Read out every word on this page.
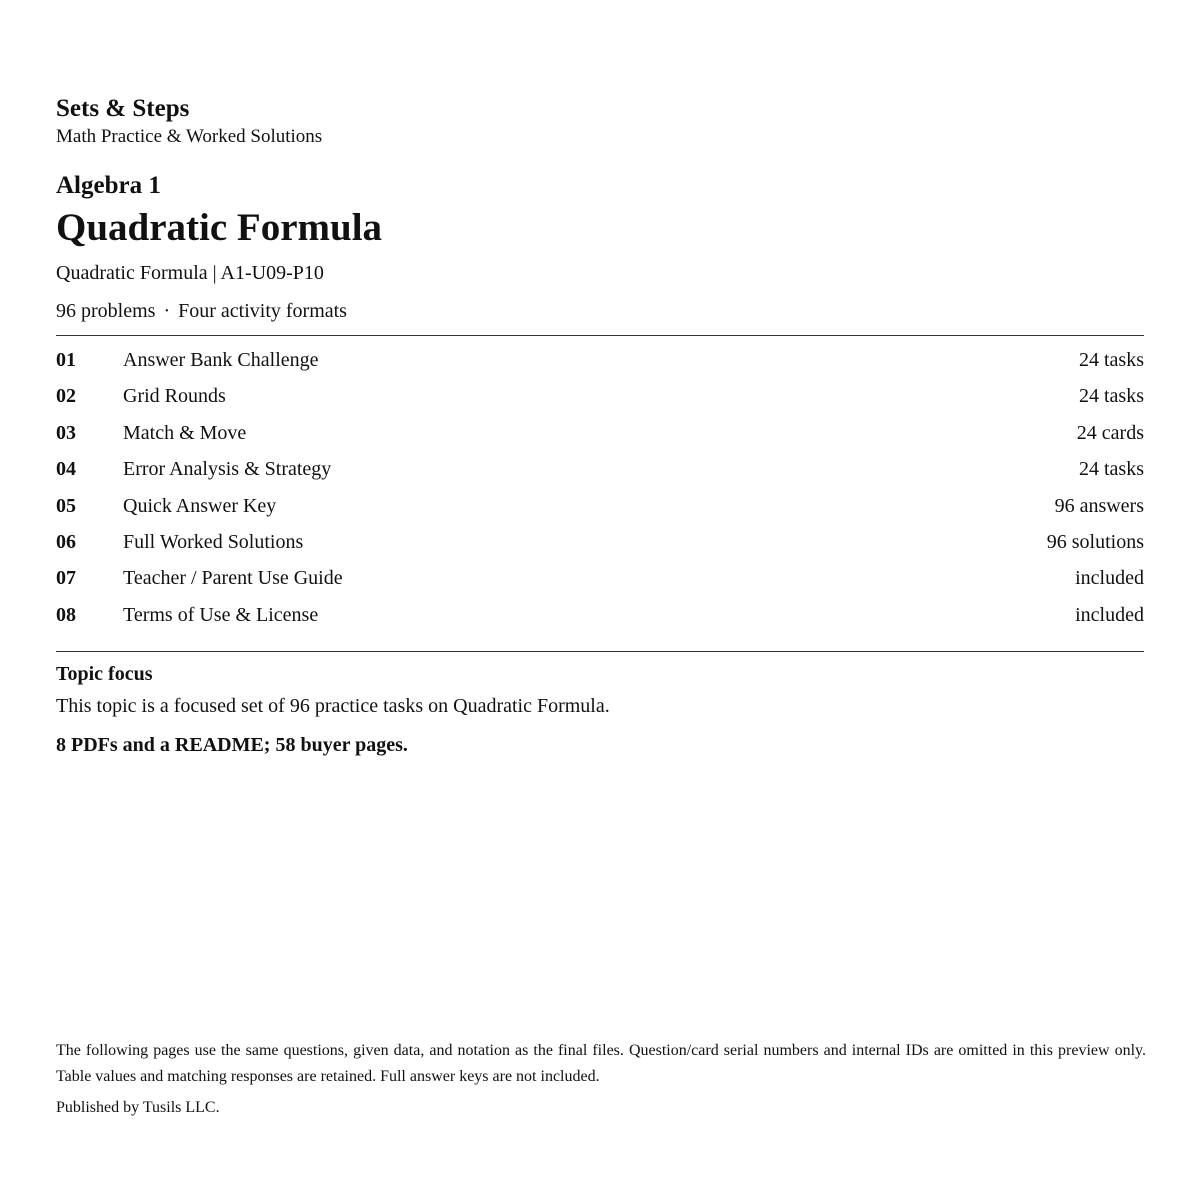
Sets & Steps
Math Practice & Worked Solutions
Algebra 1
Quadratic Formula
Quadratic Formula | A1-U09-P10
96 problems · Four activity formats
01 Answer Bank Challenge	24 tasks
02 Grid Rounds	24 tasks
03 Match & Move	24 cards
04 Error Analysis & Strategy	24 tasks
05 Quick Answer Key	96 answers
06 Full Worked Solutions	96 solutions
07 Teacher / Parent Use Guide	included
08 Terms of Use & License	included
Topic focus
This topic is a focused set of 96 practice tasks on Quadratic Formula.
8 PDFs and a README; 58 buyer pages.
The following pages use the same questions, given data, and notation as the final files. Question/card serial numbers and internal IDs are omitted in this preview only. Table values and matching responses are retained. Full answer keys are not included.
Published by Tusils LLC.
